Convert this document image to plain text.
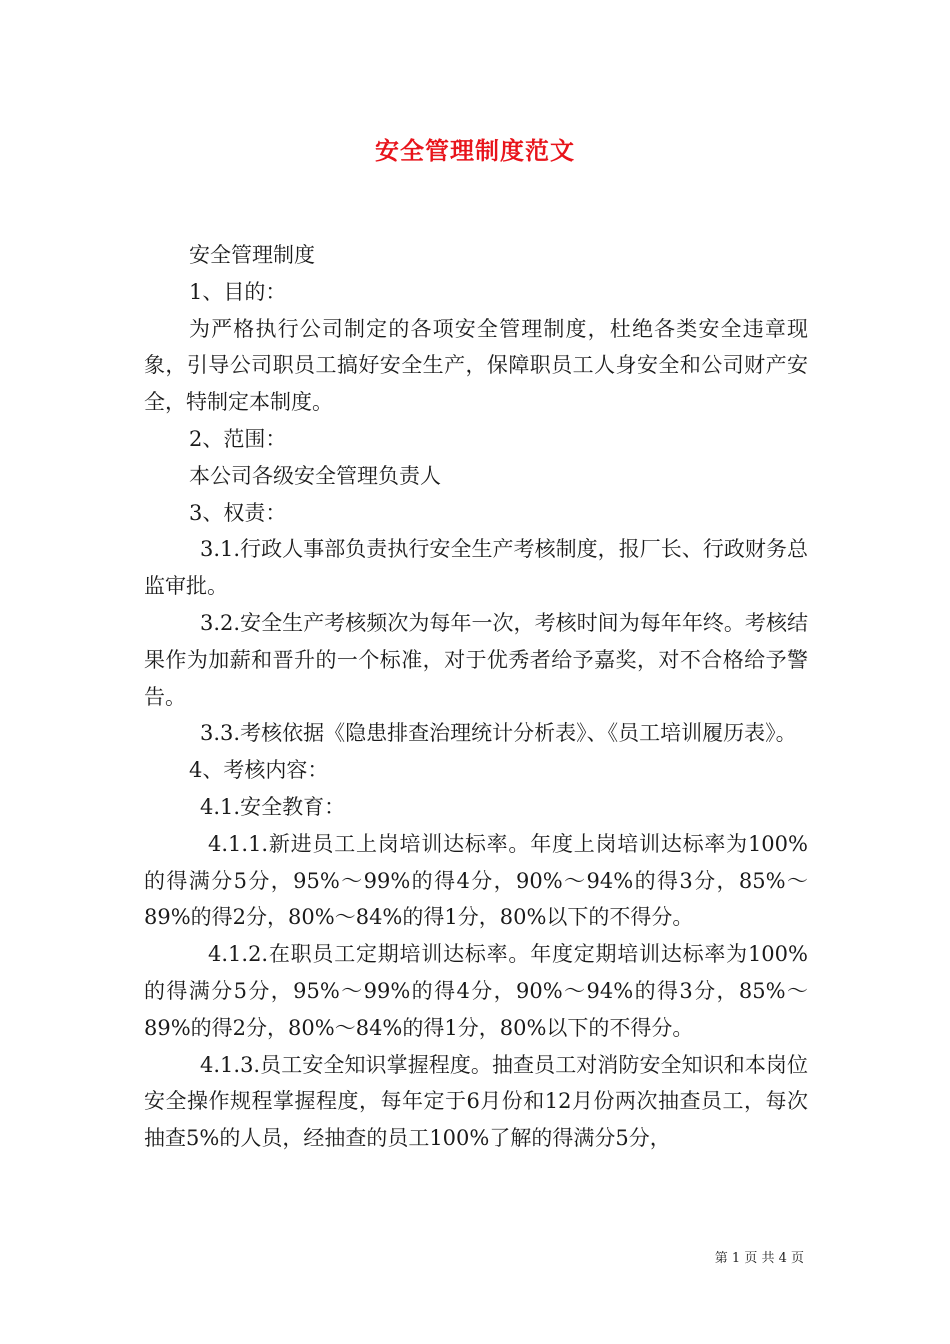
安全管理制度范文

安全管理制度

1、目的：

为严格执行公司制定的各项安全管理制度，杜绝各类安全违章现象，引导公司职员工搞好安全生产，保障职员工人身安全和公司财产安全，特制定本制度。

2、范围：

本公司各级安全管理负责人

3、权责：

3.1.行政人事部负责执行安全生产考核制度，报厂长、行政财务总监审批。

3.2.安全生产考核频次为每年一次，考核时间为每年年终。考核结果作为加薪和晋升的一个标准，对于优秀者给予嘉奖，对不合格给予警告。

3.3.考核依据《隐患排查治理统计分析表》、《员工培训履历表》。

4、考核内容：

4.1.安全教育：

4.1.1.新进员工上岗培训达标率。年度上岗培训达标率为100%的得满分5分，95%～99%的得4分，90%～94%的得3分，85%～89%的得2分，80%～84%的得1分，80%以下的不得分。

4.1.2.在职员工定期培训达标率。年度定期培训达标率为100%的得满分5分，95%～99%的得4分，90%～94%的得3分，85%～89%的得2分，80%～84%的得1分，80%以下的不得分。

4.1.3.员工安全知识掌握程度。抽查员工对消防安全知识和本岗位安全操作规程掌握程度，每年定于6月份和12月份两次抽查员工，每次抽查5%的人员，经抽查的员工100%了解的得满分5分，

第 1 页 共 4 页
